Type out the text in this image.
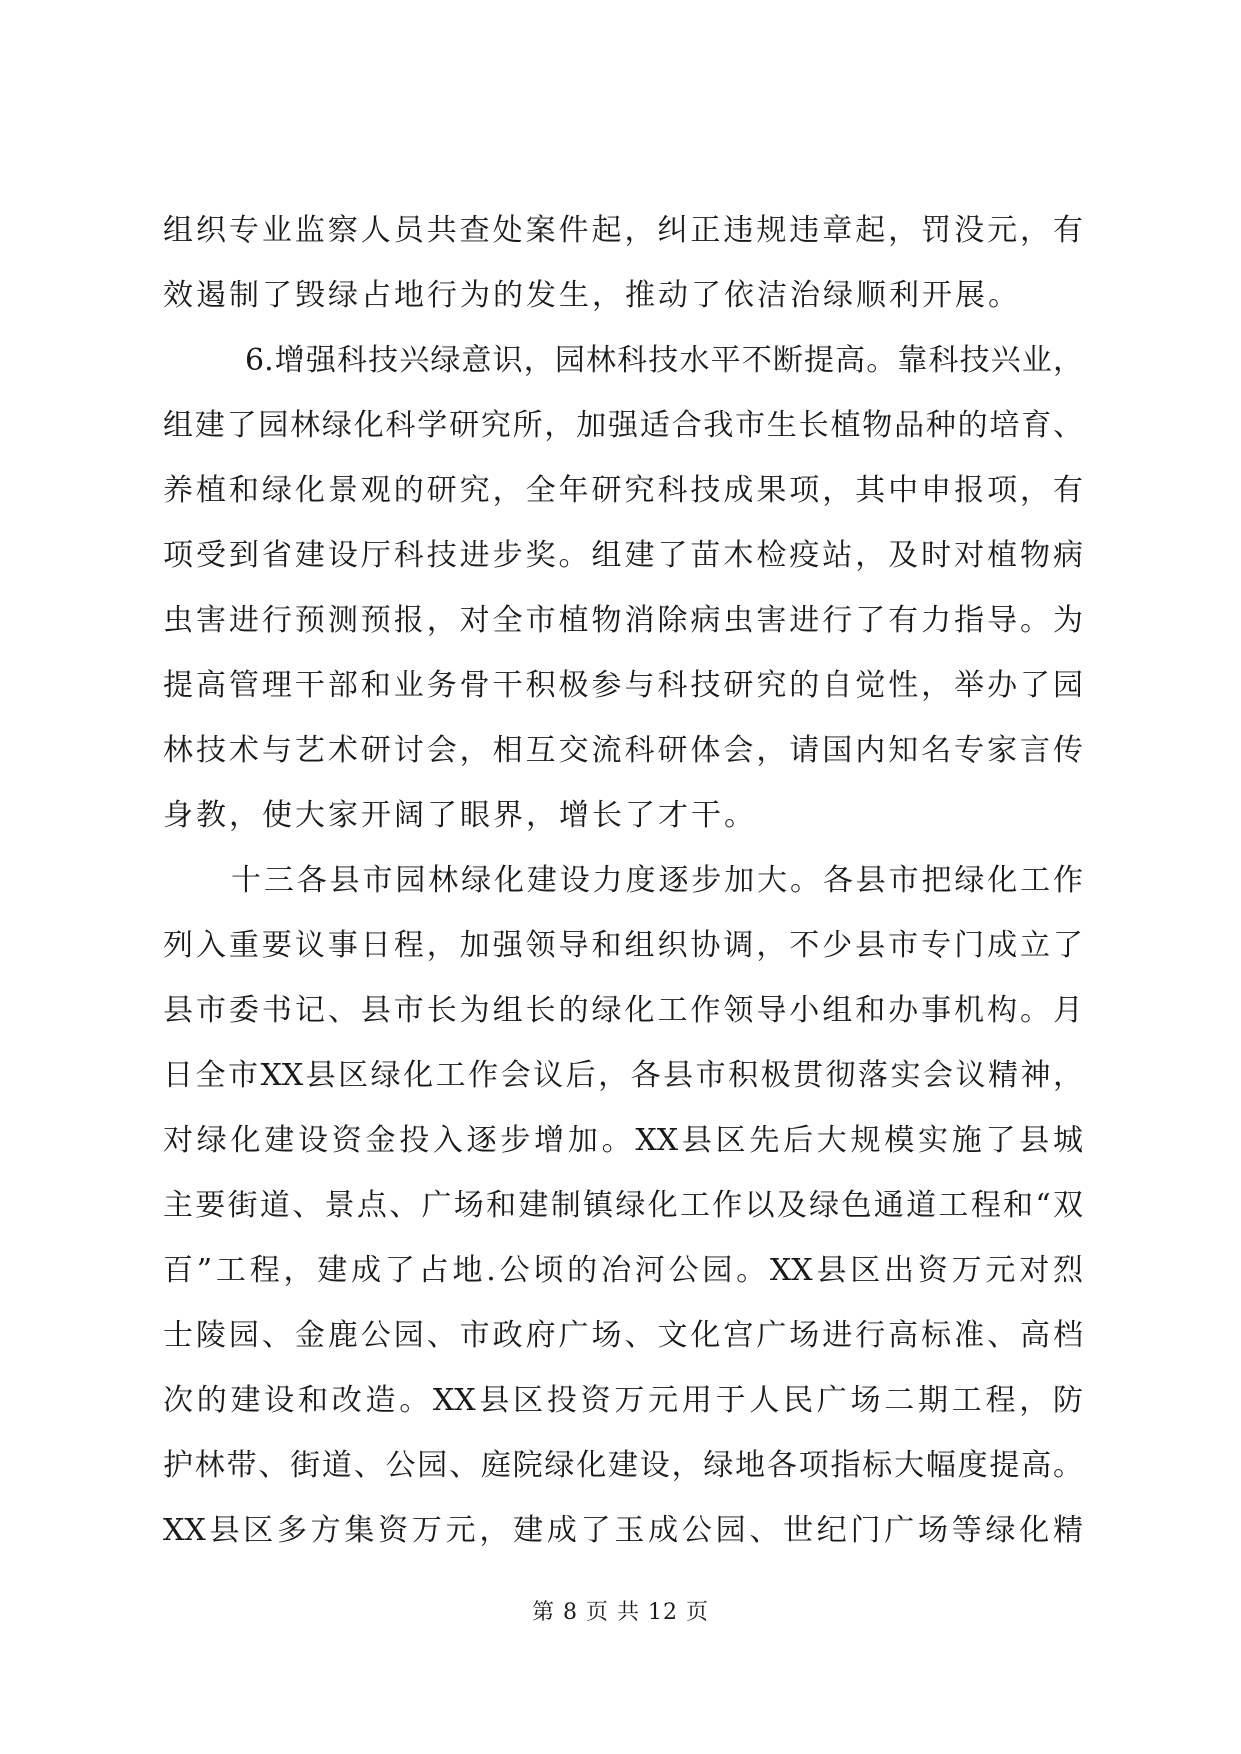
组织专业监察人员共查处案件起，纠正违规违章起，罚没元，有
效遏制了毁绿占地行为的发生，推动了依洁治绿顺利开展。
6.增强科技兴绿意识，园林科技水平不断提高。靠科技兴业，
组建了园林绿化科学研究所，加强适合我市生长植物品种的培育、
养植和绿化景观的研究，全年研究科技成果项，其中申报项，有
项受到省建设厅科技进步奖。组建了苗木检疫站，及时对植物病
虫害进行预测预报，对全市植物消除病虫害进行了有力指导。为
提高管理干部和业务骨干积极参与科技研究的自觉性，举办了园
林技术与艺术研讨会，相互交流科研体会，请国内知名专家言传
身教，使大家开阔了眼界，增长了才干。
十三各县市园林绿化建设力度逐步加大。各县市把绿化工作
列入重要议事日程，加强领导和组织协调，不少县市专门成立了
县市委书记、县市长为组长的绿化工作领导小组和办事机构。月
日全市XX县区绿化工作会议后，各县市积极贯彻落实会议精神，
对绿化建设资金投入逐步增加。XX县区先后大规模实施了县城
主要街道、景点、广场和建制镇绿化工作以及绿色通道工程和“双
百”工程，建成了占地.公顷的冶河公园。XX县区出资万元对烈
士陵园、金鹿公园、市政府广场、文化宫广场进行高标准、高档
次的建设和改造。XX县区投资万元用于人民广场二期工程，防
护林带、街道、公园、庭院绿化建设，绿地各项指标大幅度提高。
XX县区多方集资万元，建成了玉成公园、世纪门广场等绿化精
第 8 页 共 12 页
